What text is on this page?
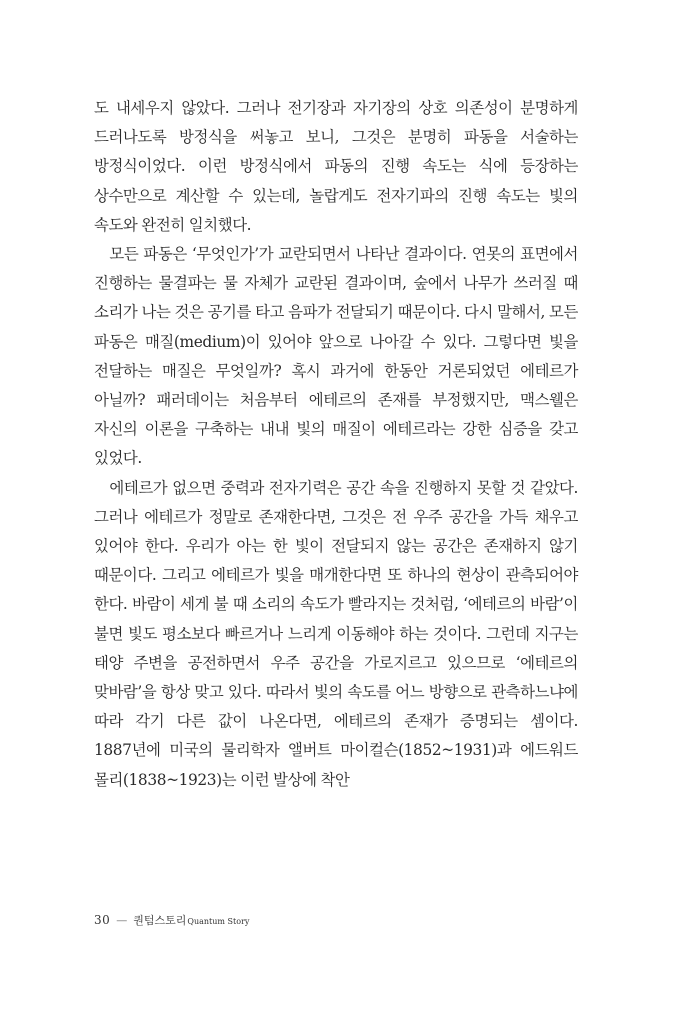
도 내세우지 않았다. 그러나 전기장과 자기장의 상호 의존성이 분명하게 드러나도록 방정식을 써놓고 보니, 그것은 분명히 파동을 서술하는 방정식이었다. 이런 방정식에서 파동의 진행 속도는 식에 등장하는 상수만으로 계산할 수 있는데, 놀랍게도 전자기파의 진행 속도는 빛의 속도와 완전히 일치했다.

모든 파동은 ‘무엇인가’가 교란되면서 나타난 결과이다. 연못의 표면에서 진행하는 물결파는 물 자체가 교란된 결과이며, 숲에서 나무가 쓰러질 때 소리가 나는 것은 공기를 타고 음파가 전달되기 때문이다. 다시 말해서, 모든 파동은 매질(medium)이 있어야 앞으로 나아갈 수 있다. 그렇다면 빛을 전달하는 매질은 무엇일까? 혹시 과거에 한동안 거론되었던 에테르가 아닐까? 패러데이는 처음부터 에테르의 존재를 부정했지만, 맥스웰은 자신의 이론을 구축하는 내내 빛의 매질이 에테르라는 강한 심증을 갖고 있었다.

에테르가 없으면 중력과 전자기력은 공간 속을 진행하지 못할 것 같았다. 그러나 에테르가 정말로 존재한다면, 그것은 전 우주 공간을 가득 채우고 있어야 한다. 우리가 아는 한 빛이 전달되지 않는 공간은 존재하지 않기 때문이다. 그리고 에테르가 빛을 매개한다면 또 하나의 현상이 관측되어야 한다. 바람이 세게 불 때 소리의 속도가 빨라지는 것처럼, ‘에테르의 바람’이 불면 빛도 평소보다 빠르거나 느리게 이동해야 하는 것이다. 그런데 지구는 태양 주변을 공전하면서 우주 공간을 가로지르고 있으므로 ‘에테르의 맞바람’을 항상 맞고 있다. 따라서 빛의 속도를 어느 방향으로 관측하느냐에 따라 각기 다른 값이 나온다면, 에테르의 존재가 증명되는 셈이다. 1887년에 미국의 물리학자 앨버트 마이컬슨(1852~1931)과 에드워드 몰리(1838~1923)는 이런 발상에 착안

30 — 퀀텀스토리Quantum Story
